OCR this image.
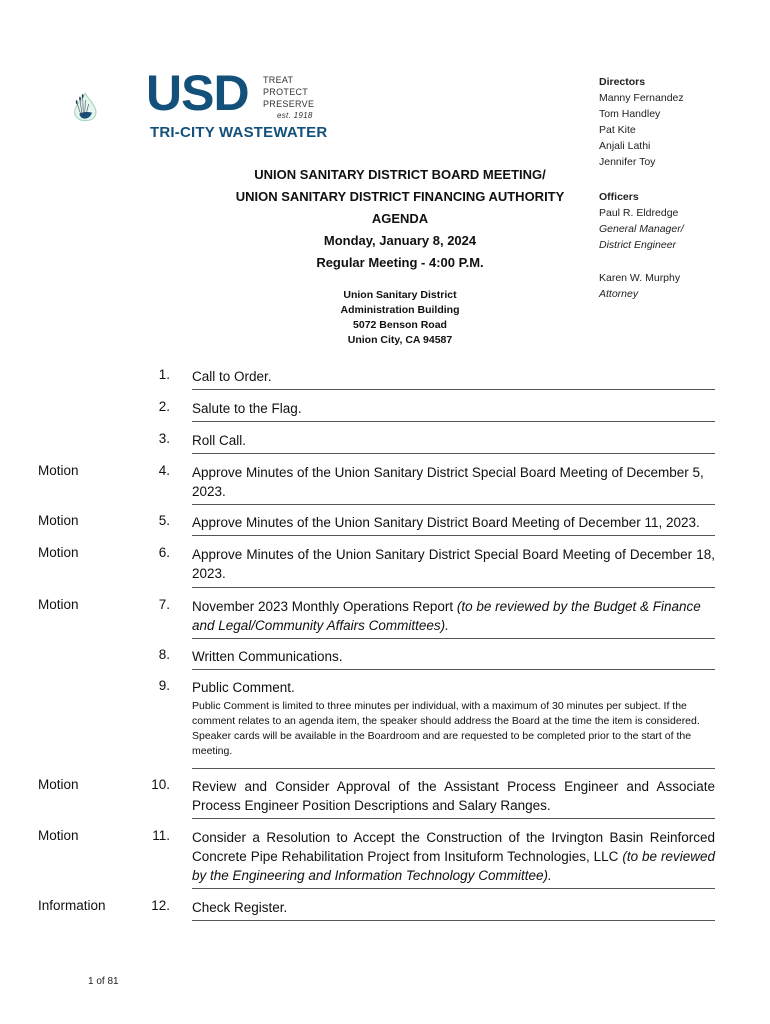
USD TREAT
PROTECT
PRESERVE
est. 1918
TRI-CITY WASTEWATER
Directors
Manny Fernandez
Tom Handley
Pat Kite
Anjali Lathi
Jennifer Toy
Officers
Paul R. Eldredge
General Manager/
District Engineer
Karen W. Murphy
Attorney
UNION SANITARY DISTRICT BOARD MEETING/
UNION SANITARY DISTRICT FINANCING AUTHORITY
AGENDA
Monday, January 8, 2024
Regular Meeting - 4:00 P.M.
Union Sanitary District
Administration Building
5072 Benson Road
Union City, CA 94587
1. Call to Order.
2. Salute to the Flag.
3. Roll Call.
Motion	4. Approve Minutes of the Union Sanitary District Special Board Meeting of December 5, 2023.
Motion	5. Approve Minutes of the Union Sanitary District Board Meeting of December 11, 2023.
Motion	6. Approve Minutes of the Union Sanitary District Special Board Meeting of December 18, 2023.
Motion	7. November 2023 Monthly Operations Report (to be reviewed by the Budget & Finance and Legal/Community Affairs Committees).
8. Written Communications.
9. Public Comment.
Public Comment is limited to three minutes per individual, with a maximum of 30 minutes per subject. If the comment relates to an agenda item, the speaker should address the Board at the time the item is considered. Speaker cards will be available in the Boardroom and are requested to be completed prior to the start of the meeting.
Motion	10. Review and Consider Approval of the Assistant Process Engineer and Associate Process Engineer Position Descriptions and Salary Ranges.
Motion	11. Consider a Resolution to Accept the Construction of the Irvington Basin Reinforced Concrete Pipe Rehabilitation Project from Insituform Technologies, LLC (to be reviewed by the Engineering and Information Technology Committee).
Information	12. Check Register.
1 of 81
